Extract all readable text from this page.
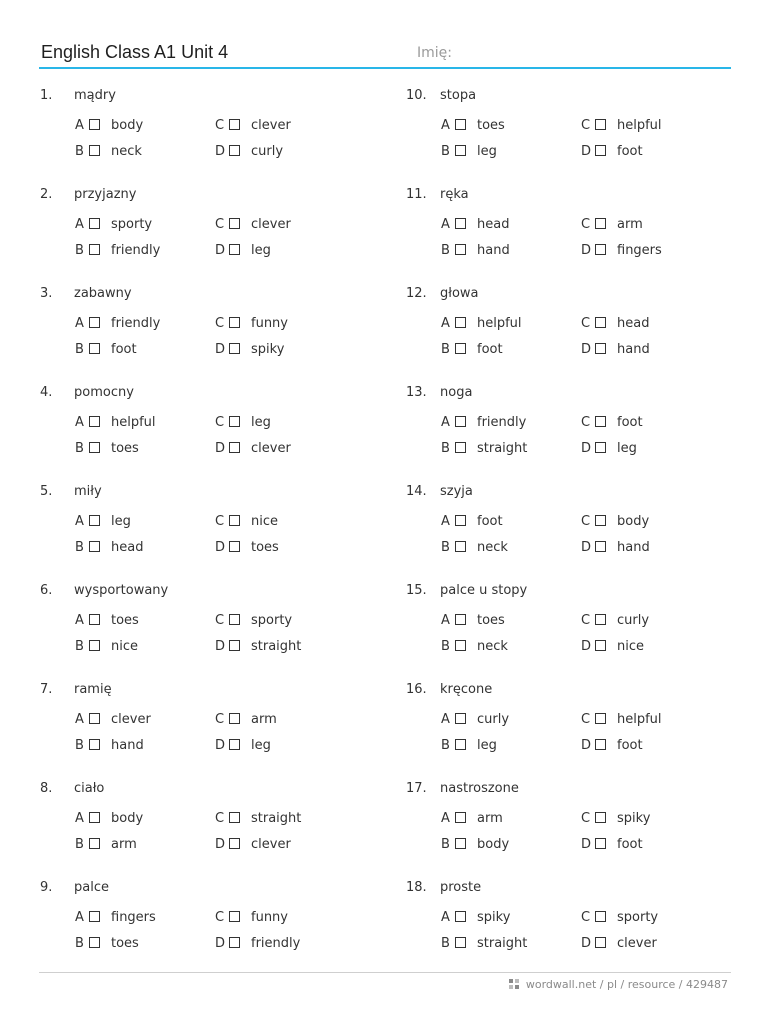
English Class A1 Unit 4	Imię:
1. mądry
A body	C clever
B neck	D curly
2. przyjazny
A sporty	C clever
B friendly	D leg
3. zabawny
A friendly	C funny
B foot	D spiky
4. pomocny
A helpful	C leg
B toes	D clever
5. miły
A leg	C nice
B head	D toes
6. wysportowany
A toes	C sporty
B nice	D straight
7. ramię
A clever	C arm
B hand	D leg
8. ciało
A body	C straight
B arm	D clever
9. palce
A fingers	C funny
B toes	D friendly
10. stopa
A toes	C helpful
B leg	D foot
11. ręka
A head	C arm
B hand	D fingers
12. głowa
A helpful	C head
B foot	D hand
13. noga
A friendly	C foot
B straight	D leg
14. szyja
A foot	C body
B neck	D hand
15. palce u stopy
A toes	C curly
B neck	D nice
16. kręcone
A curly	C helpful
B leg	D foot
17. nastroszone
A arm	C spiky
B body	D foot
18. proste
A spiky	C sporty
B straight	D clever
wordwall.net / pl / resource / 429487
